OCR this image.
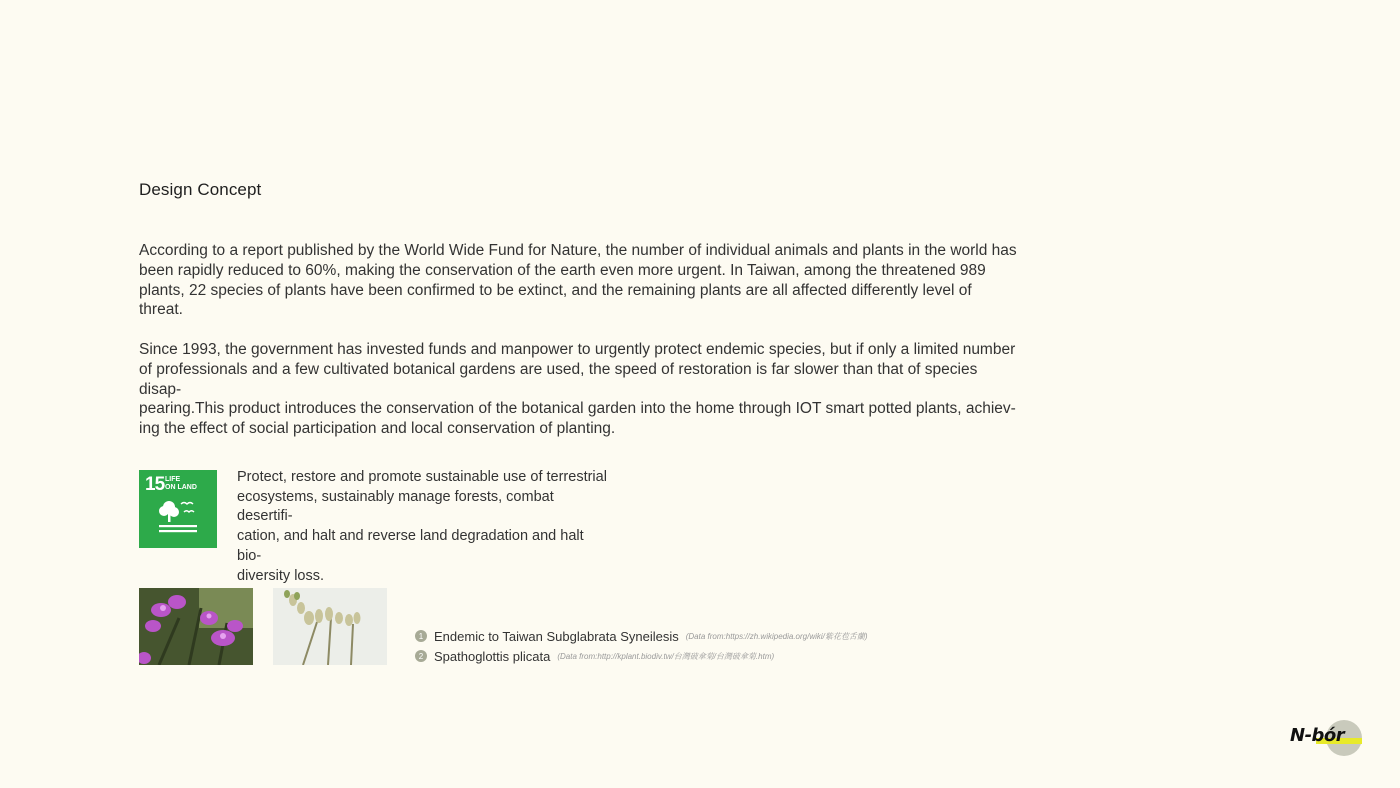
Design Concept
According to a report published by the World Wide Fund for Nature, the number of individual animals and plants in the world has
been rapidly reduced to 60%, making the conservation of the earth even more urgent. In Taiwan, among the threatened 989
plants, 22 species of plants have been confirmed to be extinct, and the remaining plants are all affected differently level of threat.
Since 1993, the government has invested funds and manpower to urgently protect endemic species, but if only a limited number
of professionals and a few cultivated botanical gardens are used, the speed of restoration is far slower than that of species disap-
pearing.This product introduces the conservation of the botanical garden into the home through IOT smart potted plants, achiev-
ing the effect of social participation and local conservation of planting.
15 LIFE
ON LAND
Protect, restore and promote sustainable use of terrestrial
ecosystems, sustainably manage forests, combat desertifi-
cation, and halt and reverse land degradation and halt bio-
diversity loss.
1 Endemic to Taiwan Subglabrata Syneilesis (Data from:https://zh.wikipedia.org/wiki/紫花苞舌蘭)
2 Spathoglottis plicata (Data from:http://kplant.biodiv.tw/台灣破傘菊/台灣破傘菊.htm)
N-bór
